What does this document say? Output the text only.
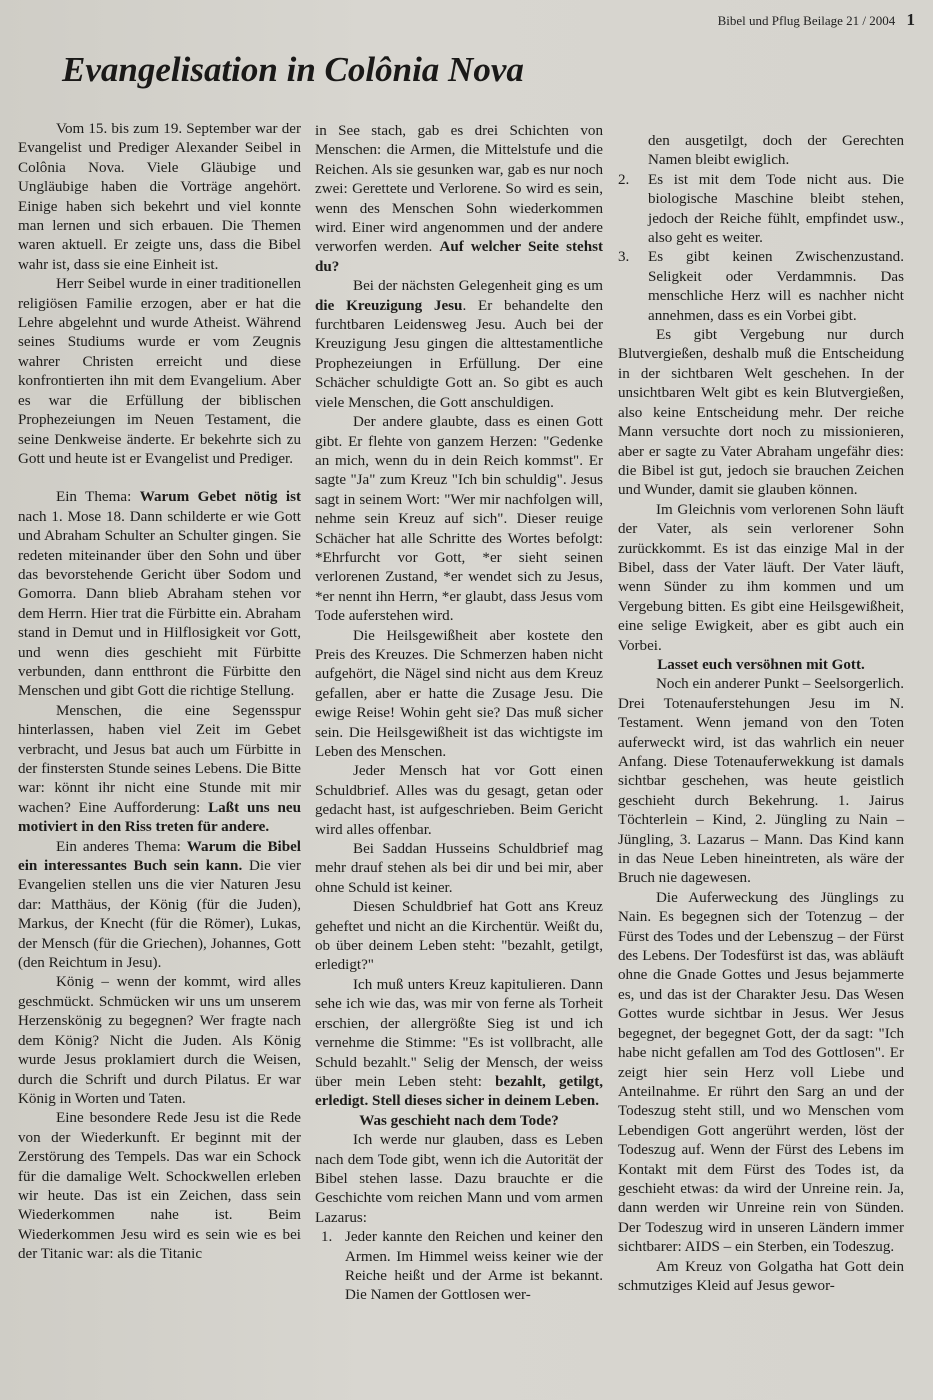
Bibel und Pflug Beilage 21 / 2004 1
Evangelisation in Colônia Nova

Vom 15. bis zum 19. September war der Evangelist und Prediger Alexander Seibel in Colônia Nova. Viele Gläubige und Ungläubige haben die Vorträge angehört. Einige haben sich bekehrt und viel konnte man lernen und sich erbauen. Die Themen waren aktuell. Er zeigte uns, dass die Bibel wahr ist, dass sie eine Einheit ist.

Herr Seibel wurde in einer traditionellen religiösen Familie erzogen, aber er hat die Lehre abgelehnt und wurde Atheist. Während seines Studiums wurde er vom Zeugnis wahrer Christen erreicht und diese konfrontierten ihn mit dem Evangelium. Aber es war die Erfüllung der biblischen Prophezeiungen im Neuen Testament, die seine Denkweise änderte. Er bekehrte sich zu Gott und heute ist er Evangelist und Prediger.

Ein Thema: Warum Gebet nötig ist nach 1. Mose 18. Dann schilderte er wie Gott und Abraham Schulter an Schulter gingen. Sie redeten miteinander über den Sohn und über das bevorstehende Gericht über Sodom und Gomorra. Dann blieb Abraham stehen vor dem Herrn. Hier trat die Fürbitte ein. Abraham stand in Demut und in Hilflosigkeit vor Gott, und wenn dies geschieht mit Fürbitte verbunden, dann entthront die Fürbitte den Menschen und gibt Gott die richtige Stellung.

Menschen, die eine Segensspur hinterlassen, haben viel Zeit im Gebet verbracht, und Jesus bat auch um Fürbitte in der finstersten Stunde seines Lebens. Die Bitte war: könnt ihr nicht eine Stunde mit mir wachen? Eine Aufforderung: Laßt uns neu motiviert in den Riss treten für andere.

Ein anderes Thema: Warum die Bibel ein interessantes Buch sein kann. Die vier Evangelien stellen uns die vier Naturen Jesu dar: Matthäus, der König (für die Juden), Markus, der Knecht (für die Römer), Lukas, der Mensch (für die Griechen), Johannes, Gott (den Reichtum in Jesu).

König – wenn der kommt, wird alles geschmückt. Schmücken wir uns um unserem Herzenskönig zu begegnen? Wer fragte nach dem König? Nicht die Juden. Als König wurde Jesus proklamiert durch die Weisen, durch die Schrift und durch Pilatus. Er war König in Worten und Taten.

Eine besondere Rede Jesu ist die Rede von der Wiederkunft. Er beginnt mit der Zerstörung des Tempels. Das war ein Schock für die damalige Welt. Schockwellen erleben wir heute. Das ist ein Zeichen, dass sein Wiederkommen nahe ist. Beim Wiederkommen Jesu wird es sein wie es bei der Titanic war: als die Titanic

in See stach, gab es drei Schichten von Menschen: die Armen, die Mittelstufe und die Reichen. Als sie gesunken war, gab es nur noch zwei: Gerettete und Verlorene. So wird es sein, wenn des Menschen Sohn wiederkommen wird. Einer wird angenommen und der andere verworfen werden. Auf welcher Seite stehst du?

Bei der nächsten Gelegenheit ging es um die Kreuzigung Jesu. Er behandelte den furchtbaren Leidensweg Jesu. Auch bei der Kreuzigung Jesu gingen die alttestamentliche Prophezeiungen in Erfüllung. Der eine Schächer schuldigte Gott an. So gibt es auch viele Menschen, die Gott anschuldigen.

Der andere glaubte, dass es einen Gott gibt. Er flehte von ganzem Herzen: "Gedenke an mich, wenn du in dein Reich kommst". Er sagte "Ja" zum Kreuz "Ich bin schuldig". Jesus sagt in seinem Wort: "Wer mir nachfolgen will, nehme sein Kreuz auf sich". Dieser reuige Schächer hat alle Schritte des Wortes befolgt: *Ehrfurcht vor Gott, *er sieht seinen verlorenen Zustand, *er wendet sich zu Jesus, *er nennt ihn Herrn, *er glaubt, dass Jesus vom Tode auferstehen wird.

Die Heilsgewißheit aber kostete den Preis des Kreuzes. Die Schmerzen haben nicht aufgehört, die Nägel sind nicht aus dem Kreuz gefallen, aber er hatte die Zusage Jesu. Die ewige Reise! Wohin geht sie? Das muß sicher sein. Die Heilsgewißheit ist das wichtigste im Leben des Menschen.

Jeder Mensch hat vor Gott einen Schuldbrief. Alles was du gesagt, getan oder gedacht hast, ist aufgeschrieben. Beim Gericht wird alles offenbar.

Bei Saddan Husseins Schuldbrief mag mehr drauf stehen als bei dir und bei mir, aber ohne Schuld ist keiner.

Diesen Schuldbrief hat Gott ans Kreuz geheftet und nicht an die Kirchentür. Weißt du, ob über deinem Leben steht: "bezahlt, getilgt, erledigt?"

Ich muß unters Kreuz kapitulieren. Dann sehe ich wie das, was mir von ferne als Torheit erschien, der allergrößte Sieg ist und ich vernehme die Stimme: "Es ist vollbracht, alle Schuld bezahlt." Selig der Mensch, der weiss über mein Leben steht: bezahlt, getilgt, erledigt. Stell dieses sicher in deinem Leben.

Was geschieht nach dem Tode?

Ich werde nur glauben, dass es Leben nach dem Tode gibt, wenn ich die Autorität der Bibel stehen lasse. Dazu brauchte er die Geschichte vom reichen Mann und vom armen Lazarus:

1. Jeder kannte den Reichen und keiner den Armen. Im Himmel weiss keiner wie der Reiche heißt und der Arme ist bekannt. Die Namen der Gottlosen wer-
den ausgetilgt, doch der Gerechten Namen bleibt ewiglich.
2.	Es ist mit dem Tode nicht aus. Die biologische Maschine bleibt stehen, jedoch der Reiche fühlt, empfindet usw., also geht es weiter.
3.	Es gibt keinen Zwischenzustand. Seligkeit oder Verdammnis. Das menschliche Herz will es nachher nicht annehmen, dass es ein Vorbei gibt.

Es gibt Vergebung nur durch Blutvergießen, deshalb muß die Entscheidung in der sichtbaren Welt geschehen. In der unsichtbaren Welt gibt es kein Blutvergießen, also keine Entscheidung mehr. Der reiche Mann versuchte dort noch zu missionieren, aber er sagte zu Vater Abraham ungefähr dies: die Bibel ist gut, jedoch sie brauchen Zeichen und Wunder, damit sie glauben können.

Im Gleichnis vom verlorenen Sohn läuft der Vater, als sein verlorener Sohn zurückkommt. Es ist das einzige Mal in der Bibel, dass der Vater läuft. Der Vater läuft, wenn Sünder zu ihm kommen und um Vergebung bitten. Es gibt eine Heilsgewißheit, eine selige Ewigkeit, aber es gibt auch ein Vorbei.

Lasset euch versöhnen mit Gott.

Noch ein anderer Punkt – Seelsorgerlich. Drei Totenauferstehungen Jesu im N. Testament. Wenn jemand von den Toten auferweckt wird, ist das wahrlich ein neuer Anfang. Diese Totenauferwekkung ist damals sichtbar geschehen, was heute geistlich geschieht durch Bekehrung. 1. Jairus Töchterlein – Kind, 2. Jüngling zu Nain – Jüngling, 3. Lazarus – Mann. Das Kind kann in das Neue Leben hineintreten, als wäre der Bruch nie dagewesen.

Die Auferweckung des Jünglings zu Nain. Es begegnen sich der Totenzug – der Fürst des Todes und der Lebenszug – der Fürst des Lebens. Der Todesfürst ist das, was abläuft ohne die Gnade Gottes und Jesus bejammerte es, und das ist der Charakter Jesu. Das Wesen Gottes wurde sichtbar in Jesus. Wer Jesus begegnet, der begegnet Gott, der da sagt: "Ich habe nicht gefallen am Tod des Gottlosen". Er zeigt hier sein Herz voll Liebe und Anteilnahme. Er rührt den Sarg an und der Todeszug steht still, und wo Menschen vom Lebendigen Gott angerührt werden, löst der Todeszug auf. Wenn der Fürst des Lebens im Kontakt mit dem Fürst des Todes ist, da geschieht etwas: da wird der Unreine rein. Ja, dann werden wir Unreine rein von Sünden. Der Todeszug wird in unseren Ländern immer sichtbarer: AIDS – ein Sterben, ein Todeszug.

Am Kreuz von Golgatha hat Gott dein schmutziges Kleid auf Jesus gewor-
